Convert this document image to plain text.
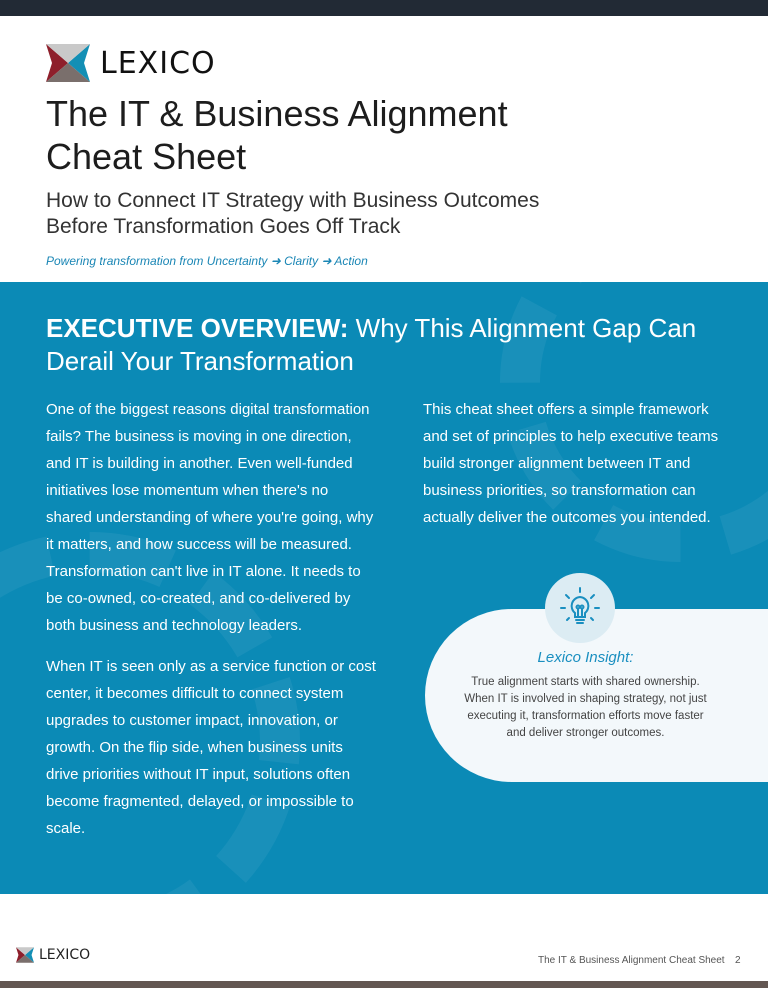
LEXICO
The IT & Business Alignment
Cheat Sheet
How to Connect IT Strategy with Business Outcomes
Before Transformation Goes Off Track
Powering transformation from Uncertainty ➜ Clarity ➜ Action
EXECUTIVE OVERVIEW: Why This Alignment Gap Can Derail Your Transformation

One of the biggest reasons digital transformation fails? The business is moving in one direction, and IT is building in another. Even well-funded initiatives lose momentum when there's no shared understanding of where you're going, why it matters, and how success will be measured. Transformation can't live in IT alone. It needs to be co-owned, co-created, and co-delivered by both business and technology leaders.

When IT is seen only as a service function or cost center, it becomes difficult to connect system upgrades to customer impact, innovation, or growth. On the flip side, when business units drive priorities without IT input, solutions often become fragmented, delayed, or impossible to scale.

This cheat sheet offers a simple framework and set of principles to help executive teams build stronger alignment between IT and business priorities, so transformation can actually deliver the outcomes you intended.

Lexico Insight:
True alignment starts with shared ownership. When IT is involved in shaping strategy, not just executing it, transformation efforts move faster and deliver stronger outcomes.
LEXICO	The IT & Business Alignment Cheat Sheet 2
